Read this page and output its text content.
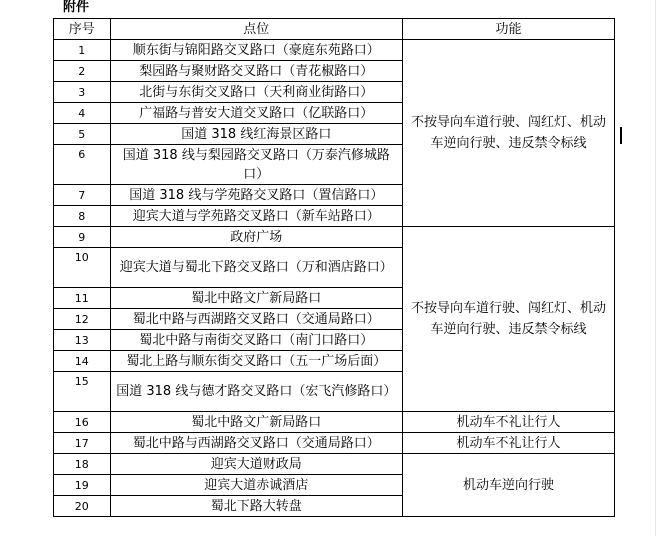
附件
序号	点位	功能
1	顺东街与锦阳路交叉路口（豪庭东苑路口）	不按导向车道行驶、闯红灯、机动车逆向行驶、违反禁令标线
2	梨园路与聚财路交叉路口（青花椒路口）	
3	北街与东街交叉路口（天利商业街路口）	
4	广福路与普安大道交叉路口（亿联路口）	
5	国道 318 线红海景区路口	
6	国道 318 线与梨园路交叉路口（万泰汽修城路口）	
7	国道 318 线与学苑路交叉路口（置信路口）	
8	迎宾大道与学苑路交叉路口（新车站路口）	
9	政府广场	不按导向车道行驶、闯红灯、机动车逆向行驶、违反禁令标线
10	迎宾大道与蜀北下路交叉路口（万和酒店路口）	
11	蜀北中路文广新局路口	
12	蜀北中路与西湖路交叉路口（交通局路口）	
13	蜀北中路与南街交叉路口（南门口路口）	
14	蜀北上路与顺东街交叉路口（五一广场后面）	
15	国道 318 线与德才路交叉路口（宏飞汽修路口）	
16	蜀北中路文广新局路口	机动车不礼让行人
17	蜀北中路与西湖路交叉路口（交通局路口）	机动车不礼让行人
18	迎宾大道财政局	机动车逆向行驶
19	迎宾大道赤诚酒店	
20	蜀北下路大转盘	
